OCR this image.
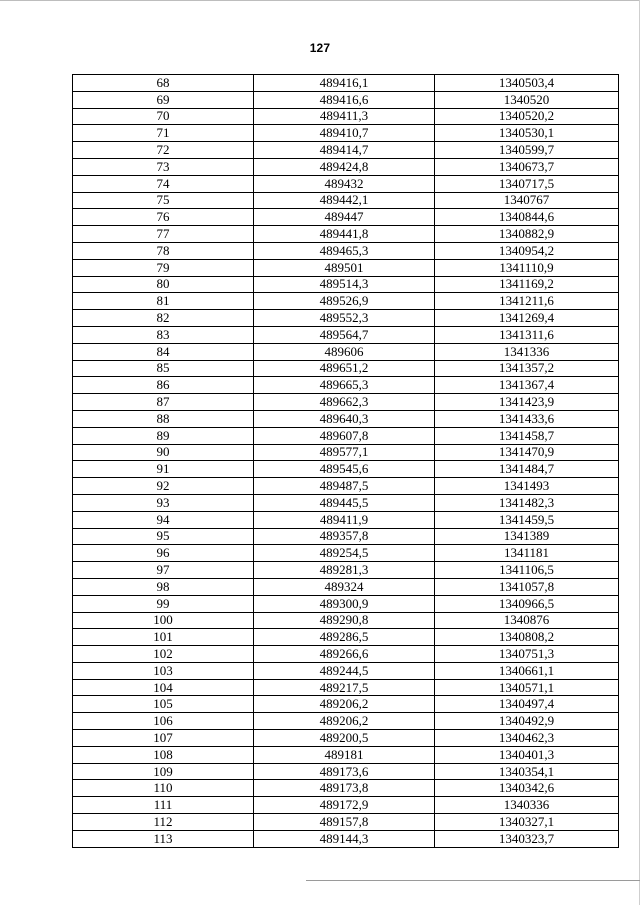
127
68	489416,1	1340503,4
69	489416,6	1340520
70	489411,3	1340520,2
71	489410,7	1340530,1
72	489414,7	1340599,7
73	489424,8	1340673,7
74	489432	1340717,5
75	489442,1	1340767
76	489447	1340844,6
77	489441,8	1340882,9
78	489465,3	1340954,2
79	489501	1341110,9
80	489514,3	1341169,2
81	489526,9	1341211,6
82	489552,3	1341269,4
83	489564,7	1341311,6
84	489606	1341336
85	489651,2	1341357,2
86	489665,3	1341367,4
87	489662,3	1341423,9
88	489640,3	1341433,6
89	489607,8	1341458,7
90	489577,1	1341470,9
91	489545,6	1341484,7
92	489487,5	1341493
93	489445,5	1341482,3
94	489411,9	1341459,5
95	489357,8	1341389
96	489254,5	1341181
97	489281,3	1341106,5
98	489324	1341057,8
99	489300,9	1340966,5
100	489290,8	1340876
101	489286,5	1340808,2
102	489266,6	1340751,3
103	489244,5	1340661,1
104	489217,5	1340571,1
105	489206,2	1340497,4
106	489206,2	1340492,9
107	489200,5	1340462,3
108	489181	1340401,3
109	489173,6	1340354,1
110	489173,8	1340342,6
111	489172,9	1340336
112	489157,8	1340327,1
113	489144,3	1340323,7
